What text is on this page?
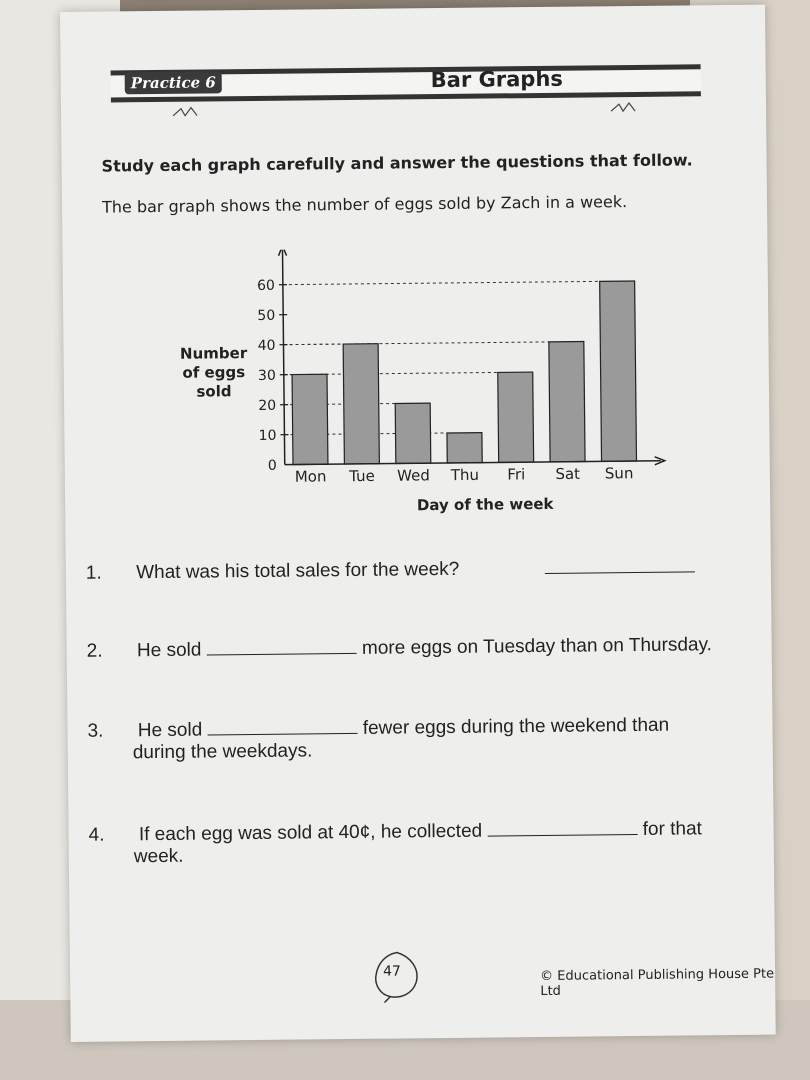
Practice 6	Bar Graphs
Study each graph carefully and answer the questions that follow.
The bar graph shows the number of eggs sold by Zach in a week.
0
10
20
30
40
50
60
Mon Tue Wed Thu Fri Sat Sun
Number
of eggs
sold
Day of the week
1. What was his total sales for the week?
2. He sold	more eggs on Tuesday than on Thursday.
3. He sold	fewer eggs during the weekend than
during the weekdays.
4. If each egg was sold at 40¢, he collected	for that
week.
47	© Educational Publishing House Pte Ltd
